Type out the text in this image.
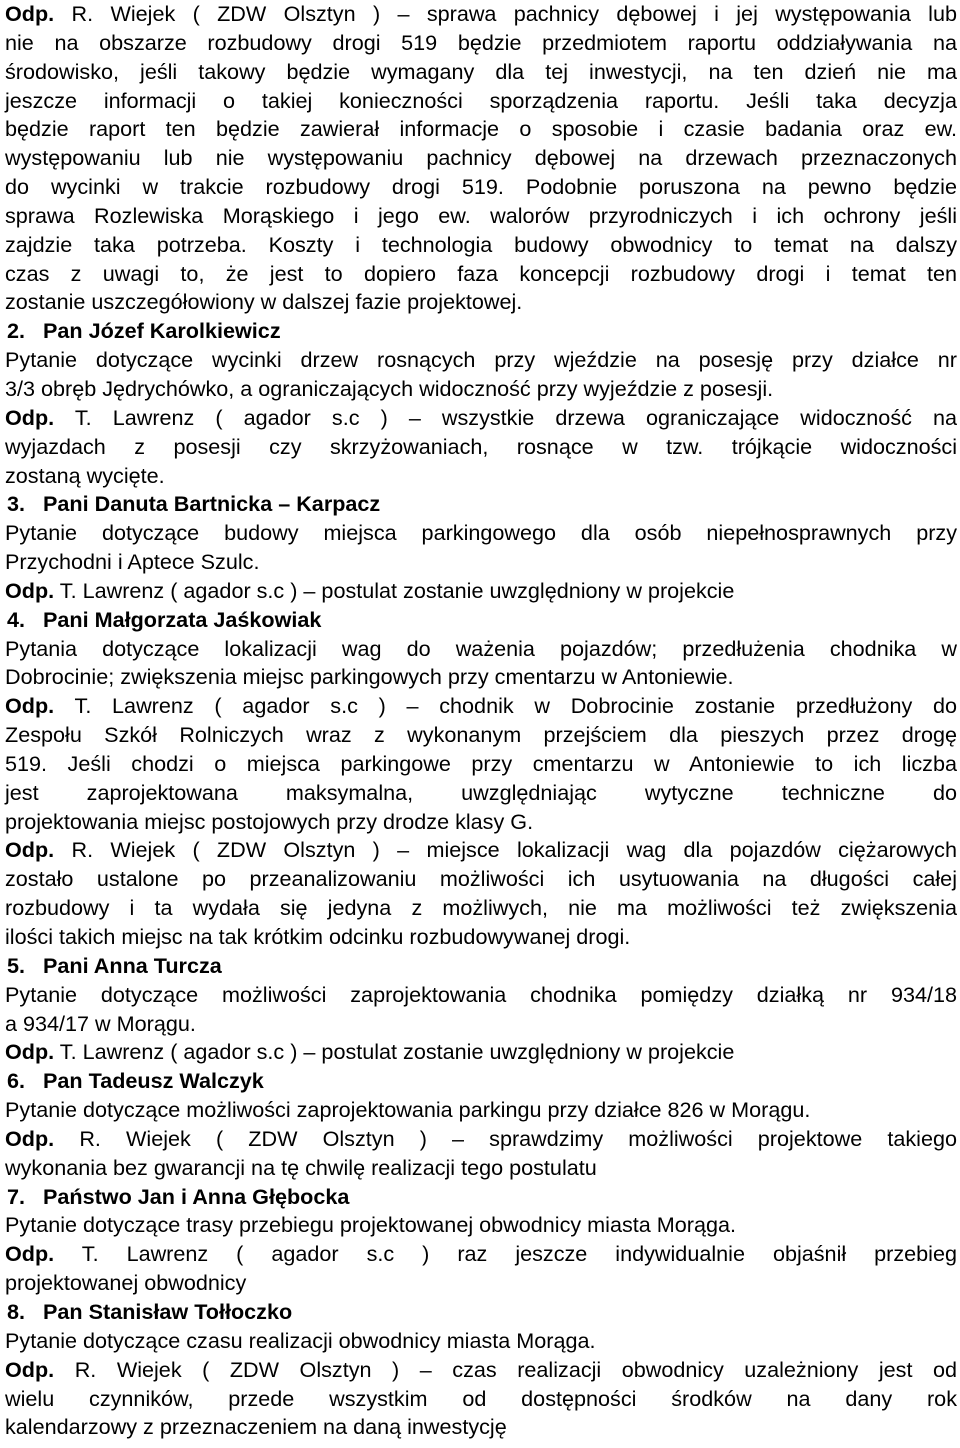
Odp. R. Wiejek ( ZDW Olsztyn ) – sprawa pachnicy dębowej i jej występowania lub
nie na obszarze rozbudowy drogi 519 będzie przedmiotem raportu oddziaływania na
środowisko, jeśli takowy będzie wymagany dla tej inwestycji, na ten dzień nie ma
jeszcze informacji o takiej konieczności sporządzenia raportu. Jeśli taka decyzja
będzie raport ten będzie zawierał informacje o sposobie i czasie badania oraz ew.
występowaniu lub nie występowaniu pachnicy dębowej na drzewach przeznaczonych
do wycinki w trakcie rozbudowy drogi 519. Podobnie poruszona na pewno będzie
sprawa Rozlewiska Morąskiego i jego ew. walorów przyrodniczych i ich ochrony jeśli
zajdzie taka potrzeba. Koszty i technologia budowy obwodnicy to temat na dalszy
czas z uwagi to, że jest to dopiero faza koncepcji rozbudowy drogi i temat ten
zostanie uszczegółowiony w dalszej fazie projektowej.
2. Pan Józef Karolkiewicz
Pytanie dotyczące wycinki drzew rosnących przy wjeździe na posesję przy działce nr
3/3 obręb Jędrychówko, a ograniczających widoczność przy wyjeździe z posesji.
Odp. T. Lawrenz ( agador s.c ) – wszystkie drzewa ograniczające widoczność na
wyjazdach z posesji czy skrzyżowaniach, rosnące w tzw. trójkącie widoczności
zostaną wycięte.
3. Pani Danuta Bartnicka – Karpacz
Pytanie dotyczące budowy miejsca parkingowego dla osób niepełnosprawnych przy
Przychodni i Aptece Szulc.
Odp. T. Lawrenz ( agador s.c ) – postulat zostanie uwzględniony w projekcie
4. Pani Małgorzata Jaśkowiak
Pytania dotyczące lokalizacji wag do ważenia pojazdów; przedłużenia chodnika w
Dobrocinie; zwiększenia miejsc parkingowych przy cmentarzu w Antoniewie.
Odp. T. Lawrenz ( agador s.c ) – chodnik w Dobrocinie zostanie przedłużony do
Zespołu Szkół Rolniczych wraz z wykonanym przejściem dla pieszych przez drogę
519. Jeśli chodzi o miejsca parkingowe przy cmentarzu w Antoniewie to ich liczba
jest zaprojektowana maksymalna, uwzględniając wytyczne techniczne do
projektowania miejsc postojowych przy drodze klasy G.
Odp. R. Wiejek ( ZDW Olsztyn ) – miejsce lokalizacji wag dla pojazdów ciężarowych
zostało ustalone po przeanalizowaniu możliwości ich usytuowania na długości całej
rozbudowy i ta wydała się jedyna z możliwych, nie ma możliwości też zwiększenia
ilości takich miejsc na tak krótkim odcinku rozbudowywanej drogi.
5. Pani Anna Turcza
Pytanie dotyczące możliwości zaprojektowania chodnika pomiędzy działką nr 934/18
a 934/17 w Morągu.
Odp. T. Lawrenz ( agador s.c ) – postulat zostanie uwzględniony w projekcie
6. Pan Tadeusz Walczyk
Pytanie dotyczące możliwości zaprojektowania parkingu przy działce 826 w Morągu.
Odp. R. Wiejek ( ZDW Olsztyn ) – sprawdzimy możliwości projektowe takiego
wykonania bez gwarancji na tę chwilę realizacji tego postulatu
7. Państwo Jan i Anna Głębocka
Pytanie dotyczące trasy przebiegu projektowanej obwodnicy miasta Morąga.
Odp. T. Lawrenz ( agador s.c ) raz jeszcze indywidualnie objaśnił przebieg
projektowanej obwodnicy
8. Pan Stanisław Tołłoczko
Pytanie dotyczące czasu realizacji obwodnicy miasta Morąga.
Odp. R. Wiejek ( ZDW Olsztyn ) – czas realizacji obwodnicy uzależniony jest od
wielu czynników, przede wszystkim od dostępności środków na dany rok
kalendarzowy z przeznaczeniem na daną inwestycję
